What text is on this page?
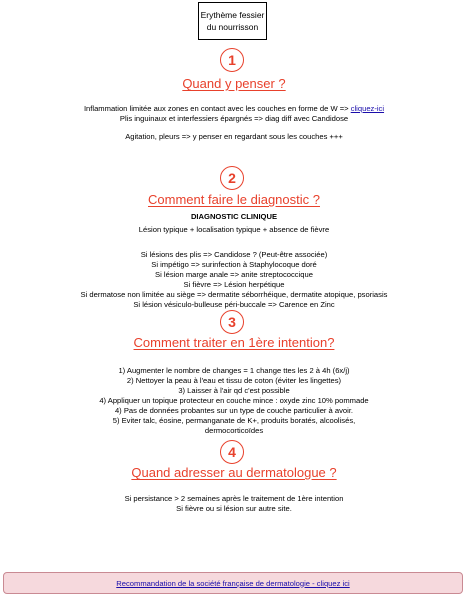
Erythème fessier
du nourrisson
1
Quand y penser ?
Inflammation limitée aux zones en contact avec les couches en forme de W => cliquez-ici
Plis inguinaux et interfessiers épargnés => diag diff avec Candidose
Agitation, pleurs => y penser en regardant sous les couches +++
2
Comment faire le diagnostic ?
DIAGNOSTIC CLINIQUE
Lésion typique + localisation typique + absence de fièvre
Si lésions des plis => Candidose ? (Peut-être associée)
Si impétigo => surinfection à Staphylocoque doré
Si lésion marge anale => anite streptococcique
Si fièvre => Lésion herpétique
Si dermatose non limitée au siège => dermatite séborrhéique, dermatite atopique, psoriasis
Si lésion vésiculo-bulleuse péri-buccale => Carence en Zinc
3
Comment traiter en 1ère intention?
1) Augmenter le nombre de changes = 1 change ttes les 2 à 4h (6x/j)
2) Nettoyer la peau à l'eau et tissu de coton (éviter les lingettes)
3) Laisser à l'air qd c'est possible
4) Appliquer un topique protecteur en couche mince : oxyde zinc 10% pommade
4) Pas de données probantes sur un type de couche particulier à avoir.
5) Eviter talc, éosine, permanganate de K+, produits boratés, alcoolisés,
dermocorticoïdes
4
Quand adresser au dermatologue ?
Si persistance > 2 semaines après le traitement de 1ère intention
Si fièvre ou si lésion sur autre site.
Recommandation de la société française de dermatologie - cliquez ici
